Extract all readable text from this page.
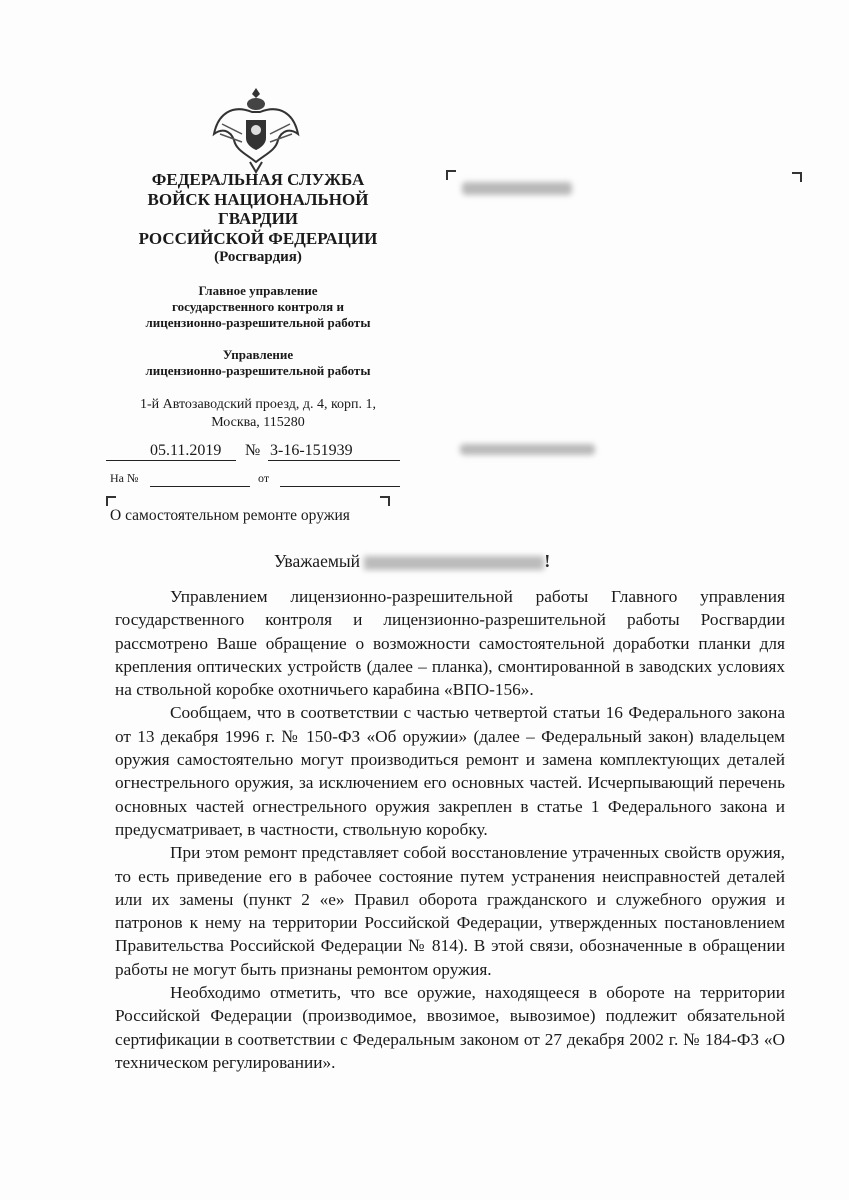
ФЕДЕРАЛЬНАЯ СЛУЖБА
ВОЙСК НАЦИОНАЛЬНОЙ
ГВАРДИИ
РОССИЙСКОЙ ФЕДЕРАЦИИ
(Росгвардия)
Главное управление
государственного контроля и
лицензионно-разрешительной работы
Управление
лицензионно-разрешительной работы
1-й Автозаводский проезд, д. 4, корп. 1,
Москва, 115280
05.11.2019 № 3-16-151939
На №	от
О самостоятельном ремонте оружия
Уважаемый	!

Управлением лицензионно-разрешительной работы Главного управления государственного контроля и лицензионно-разрешительной работы Росгвардии рассмотрено Ваше обращение о возможности самостоятельной доработки планки для крепления оптических устройств (далее – планка), смонтированной в заводских условиях на ствольной коробке охотничьего карабина «ВПО-156».

Сообщаем, что в соответствии с частью четвертой статьи 16 Федерального закона от 13 декабря 1996 г. № 150-ФЗ «Об оружии» (далее – Федеральный закон) владельцем оружия самостоятельно могут производиться ремонт и замена комплектующих деталей огнестрельного оружия, за исключением его основных частей. Исчерпывающий перечень основных частей огнестрельного оружия закреплен в статье 1 Федерального закона и предусматривает, в частности, ствольную коробку.

При этом ремонт представляет собой восстановление утраченных свойств оружия, то есть приведение его в рабочее состояние путем устранения неисправностей деталей или их замены (пункт 2 «е» Правил оборота гражданского и служебного оружия и патронов к нему на территории Российской Федерации, утвержденных постановлением Правительства Российской Федерации № 814). В этой связи, обозначенные в обращении работы не могут быть признаны ремонтом оружия.

Необходимо отметить, что все оружие, находящееся в обороте на территории Российской Федерации (производимое, ввозимое, вывозимое) подлежит обязательной сертификации в соответствии с Федеральным законом от 27 декабря 2002 г. № 184-ФЗ «О техническом регулировании».
